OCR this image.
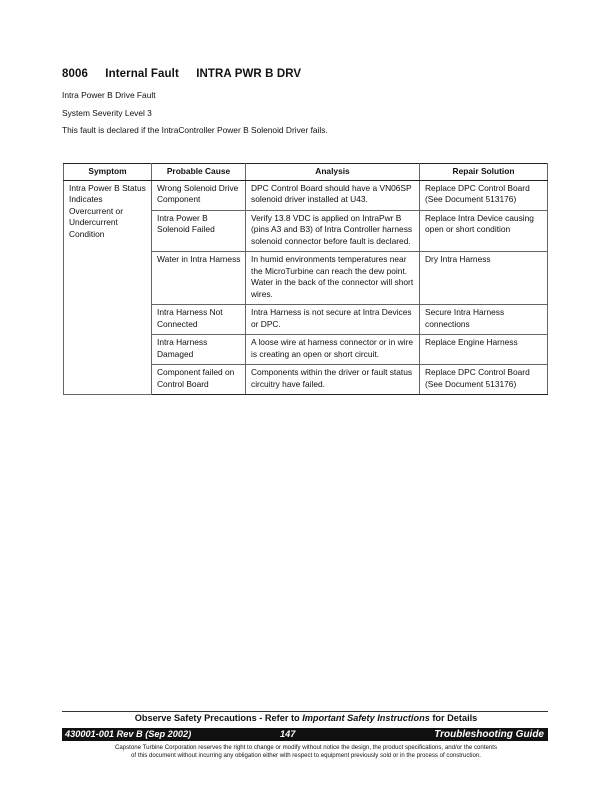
8006 Internal Fault INTRA PWR B DRV
Intra Power B Drive Fault
System Severity Level 3
This fault is declared if the IntraController Power B Solenoid Driver fails.
Symptom	Probable Cause	Analysis	Repair Solution
Intra Power B Status Indicates Overcurrent or Undercurrent Condition	Wrong Solenoid Drive Component	DPC Control Board should have a VN06SP solenoid driver installed at U43.	Replace DPC Control Board (See Document 513176)
	Intra Power B Solenoid Failed	Verify 13.8 VDC is applied on IntraPwr B (pins A3 and B3) of Intra Controller harness solenoid connector before fault is declared.	Replace Intra Device causing open or short condition
	Water in Intra Harness	In humid environments temperatures near the MicroTurbine can reach the dew point. Water in the back of the connector will short wires.	Dry Intra Harness
	Intra Harness Not Connected	Intra Harness is not secure at Intra Devices or DPC.	Secure Intra Harness connections
	Intra Harness Damaged	A loose wire at harness connector or in wire is creating an open or short circuit.	Replace Engine Harness
	Component failed on Control Board	Components within the driver or fault status circuitry have failed.	Replace DPC Control Board (See Document 513176)
Observe Safety Precautions - Refer to Important Safety Instructions for Details
430001-001 Rev B (Sep 2002)	147	Troubleshooting Guide
Capstone Turbine Corporation reserves the right to change or modify without notice the design, the product specifications, and/or the contents
of this document without incurring any obligation either with respect to equipment previously sold or in the process of construction.
